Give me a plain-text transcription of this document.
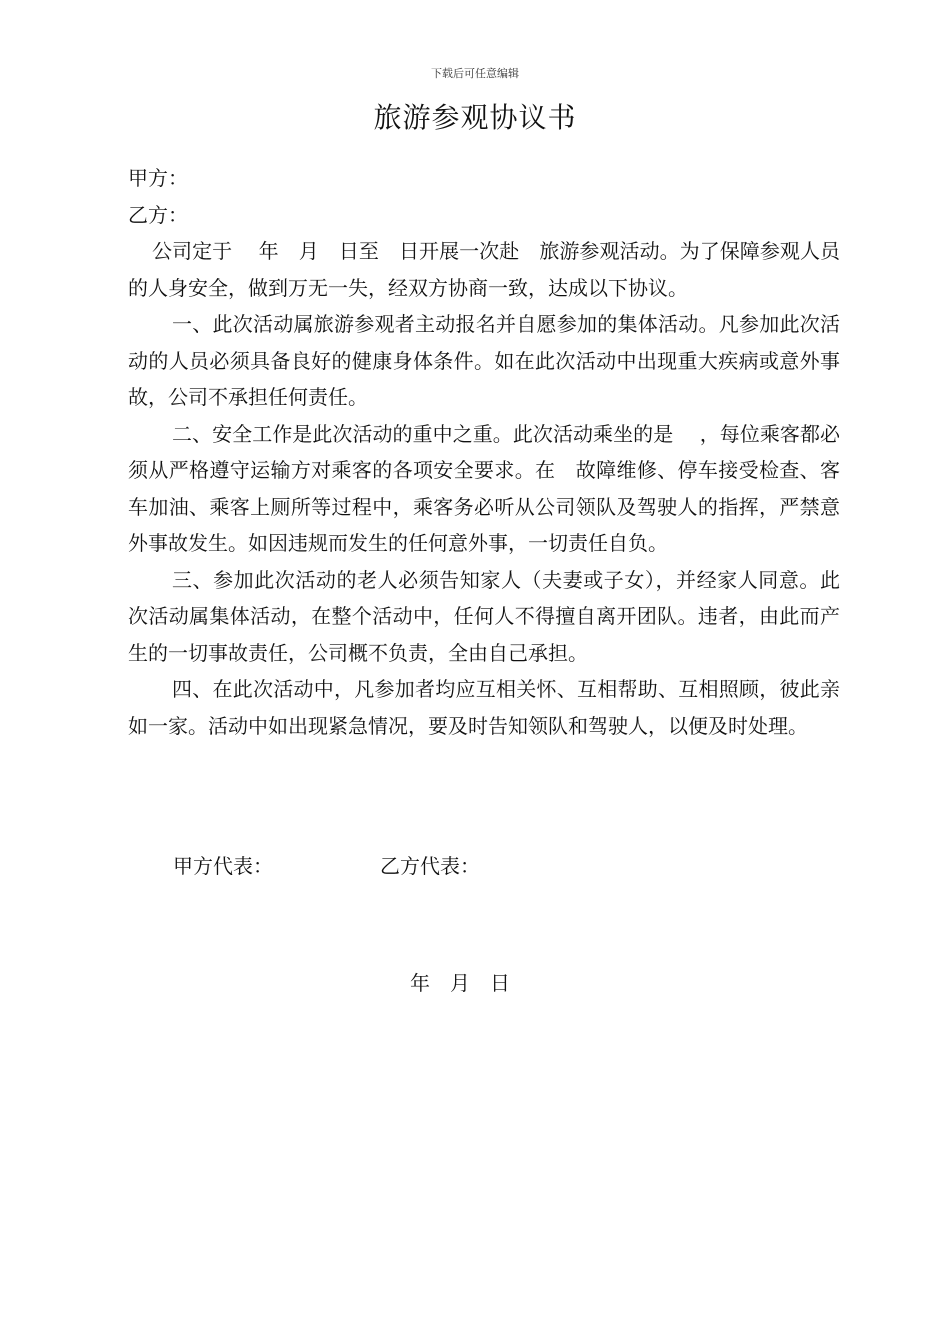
下载后可任意编辑
旅游参观协议书

甲方：

乙方：

公司定于　 年　月　日至　日开展一次赴　旅游参观活动。为了保障参观人员的人身安全，做到万无一失，经双方协商一致，达成以下协议。

一、此次活动属旅游参观者主动报名并自愿参加的集体活动。凡参加此次活动的人员必须具备良好的健康身体条件。如在此次活动中出现重大疾病或意外事故，公司不承担任何责任。

二、安全工作是此次活动的重中之重。此次活动乘坐的是　 ，每位乘客都必须从严格遵守运输方对乘客的各项安全要求。在　故障维修、停车接受检查、客车加油、乘客上厕所等过程中，乘客务必听从公司领队及驾驶人的指挥，严禁意外事故发生。如因违规而发生的任何意外事，一切责任自负。

三、参加此次活动的老人必须告知家人（夫妻或子女），并经家人同意。此次活动属集体活动，在整个活动中，任何人不得擅自离开团队。违者，由此而产生的一切事故责任，公司概不负责，全由自己承担。

四、在此次活动中，凡参加者均应互相关怀、互相帮助、互相照顾，彼此亲如一家。活动中如出现紧急情况，要及时告知领队和驾驶人，以便及时处理。

甲方代表：	乙方代表：
年　月　日
